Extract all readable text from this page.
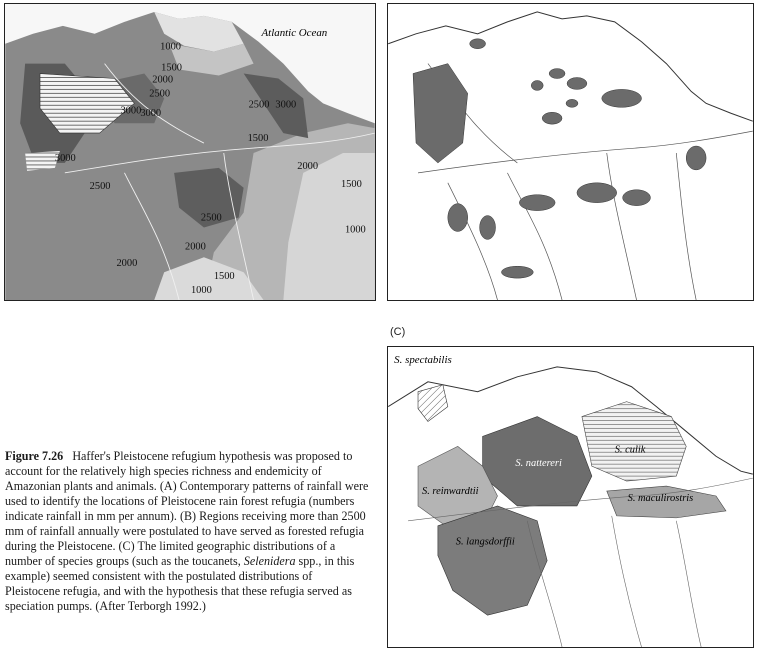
Atlantic Ocean
1000
1500
2000
2500
3000 3000
2500 3000
1500
3000
2500
2000
1500
1000
2500
2000
2000
1500
1000
(C)
S. spectabilis
S. culik
S. nattereri
S. reinwardtii
S. maculirostris
S. langsdorffii
Figure 7.26 Haffer's Pleistocene refugium hypothesis was proposed to account for the relatively high species richness and endemicity of Amazonian plants and animals. (A) Contemporary patterns of rainfall were used to identify the locations of Pleistocene rain forest refugia (numbers indicate rainfall in mm per annum). (B) Regions receiving more than 2500 mm of rainfall annually were postulated to have served as forested refugia during the Pleistocene. (C) The limited geographic distributions of a number of species groups (such as the toucanets, Selenidera spp., in this example) seemed consistent with the postulated distributions of Pleistocene refugia, and with the hypothesis that these refugia served as speciation pumps. (After Terborgh 1992.)
